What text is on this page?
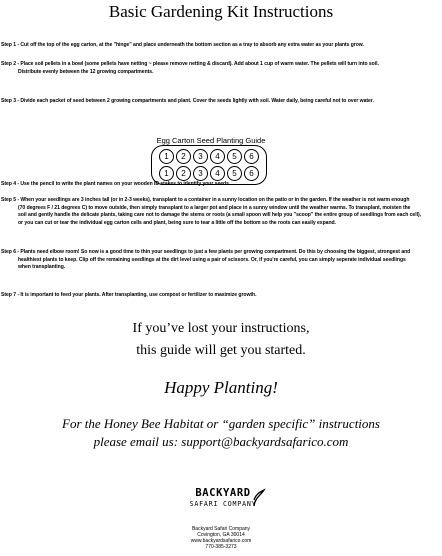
Basic Gardening Kit Instructions
Step 1 - Cut off the top of the egg carton, at the "hinge" and place underneath the bottom section as a tray to absorb any extra water as your plants grow.
Step 2 - Place soil pellets in a bowl (some pellets have netting ~ please remove netting & discard). Add about 1 cup of warm water. The pellets will turn into soil.
Distribute evenly between the 12 growing compartments.
Step 3 - Divide each packet of seed between 2 growing compartments and plant. Cover the seeds lightly with soil. Water daily, being careful not to over water.
Step 4 - Use the pencil to write the plant names on your wooden ID stakes to identify your seeds.
Step 5 - When your seedlings are 3 inches tall (or in 2-3 weeks), transplant to a container in a sunny location on the patio or in the garden. If the weather is not warm enough
(70 degrees F / 21 degrees C) to move outside, then simply transplant to a larger pot and place in a sunny window until the weather warms. To transplant, moisten the
soil and gently handle the delicate plants, taking care not to damage the stems or roots (a small spoon will help you "scoop" the entire group of seedlings from each cell),
or you can cut or tear the individual egg carton cells and plant, being sure to tear a little off the bottom so the roots can easily expand.
Step 6 - Plants need elbow room! So now is a good time to thin your seedlings to just a few plants per growing compartment. Do this by choosing the biggest, strongest and
healthiest plants to keep. Clip off the remaining seedlings at the dirt level using a pair of scissors. Or, if you're careful, you can simply seperate individual seedlings
when transplanting.
Step 7 - It is important to feed your plants. After transplanting, use compost or fertilizer to maximize growth.
Egg Carton Seed Planting Guide
1	2	3	4	5	6
1	2	3	4	5	6
If you’ve lost your instructions,
this guide will get you started.
Happy Planting!
For the Honey Bee Habitat or “garden specific” instructions
please email us: support@backyardsafarico.com
BACKYARD
SAFARI COMPANY
Backyard Safari Company
Covington, GA 30014
www.backyardsafarico.com
770-385-3273
